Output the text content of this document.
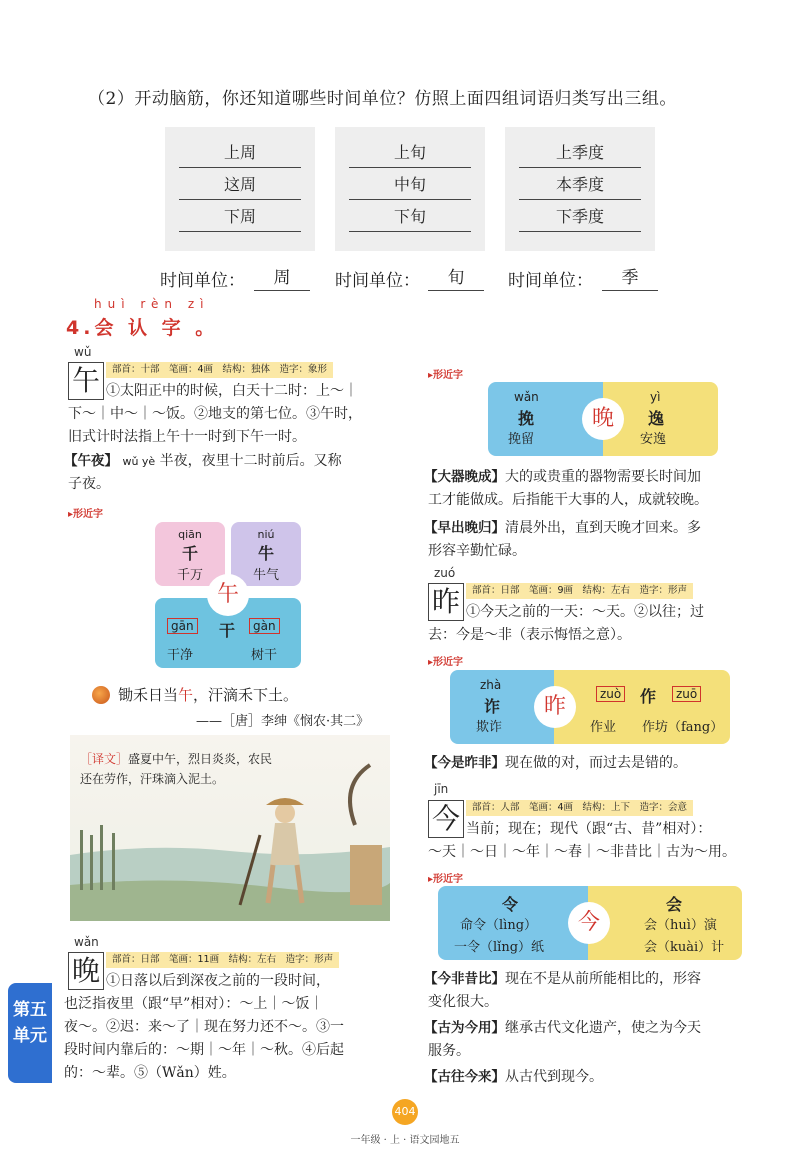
（2）开动脑筋，你还知道哪些时间单位？仿照上面四组词语归类写出三组。
上周
这周
下周
上旬
中旬
下旬
上季度
本季度
下季度
时间单位：	周	时间单位：	旬	时间单位：	季
huì rèn zì
4.会 认 字 。
wǔ
午	部首：十部　笔画：4画　结构：独体　造字：象形
①太阳正中的时候，白天十二时：上～｜
下～｜中～｜～饭。②地支的第七位。③午时，
旧式计时法指上午十一时到下午一时。
【午夜】 wǔ yè 半夜，夜里十二时前后。又称
子夜。
▸形近字
qiān
千
千万
niú
牛
牛气
gān 干	gàn
干净	树干
午
锄禾日当午，汗滴禾下土。
——［唐］李绅《悯农·其二》
［译文］盛夏中午，烈日炎炎，农民
还在劳作，汗珠滴入泥土。
wǎn
晚	部首：日部　笔画：11画　结构：左右　造字：形声
①日落以后到深夜之前的一段时间，
也泛指夜里（跟“早”相对）：～上｜～饭｜
夜～。②迟：来～了｜现在努力还不～。③一
段时间内靠后的：～期｜～年｜～秋。④后起
的：～辈。⑤（Wǎn）姓。
第五
单元
▸形近字
wǎn
挽
挽留
yì
逸
安逸
晚
【大器晚成】大的或贵重的器物需要长时间加
工才能做成。后指能干大事的人，成就较晚。
【早出晚归】清晨外出，直到天晚才回来。多
形容辛勤忙碌。
zuó
昨	部首：日部　笔画：9画　结构：左右　造字：形声
①今天之前的一天：～天。②以往；过
去：今是～非（表示悔悟之意）。
▸形近字
zhà
诈
欺诈
zuò 作	zuō
作业 作坊（fang）
昨
【今是昨非】现在做的对，而过去是错的。
jīn
今	部首：人部　笔画：4画　结构：上下　造字：会意
当前；现在；现代（跟“古、昔”相对）：
～天｜～日｜～年｜～春｜～非昔比｜古为～用。
▸形近字
令
命令（lìng）
一令（lǐng）纸
会
会（huì）演
会（kuài）计
今
【今非昔比】现在不是从前所能相比的，形容
变化很大。
【古为今用】继承古代文化遗产，使之为今天
服务。
【古往今来】从古代到现今。
404
一年级 · 上 · 语文园地五
